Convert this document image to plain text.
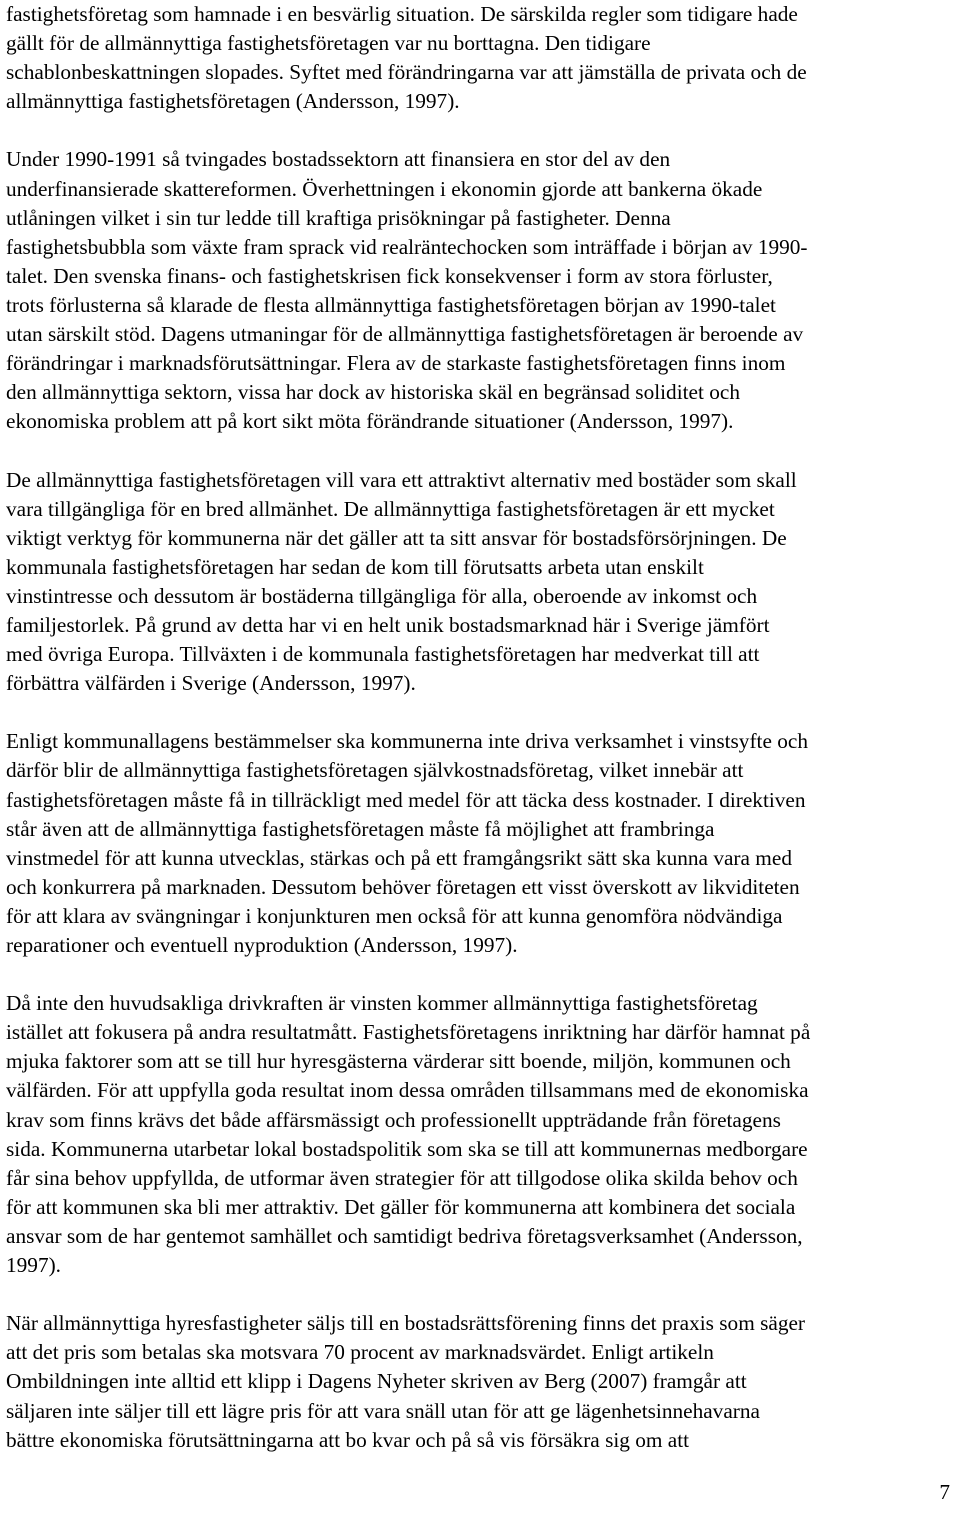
fastighetsföretag som hamnade i en besvärlig situation. De särskilda regler som tidigare hade
gällt för de allmännyttiga fastighetsföretagen var nu borttagna. Den tidigare
schablonbeskattningen slopades. Syftet med förändringarna var att jämställa de privata och de
allmännyttiga fastighetsföretagen (Andersson, 1997).
Under 1990-1991 så tvingades bostadssektorn att finansiera en stor del av den
underfinansierade skattereformen. Överhettningen i ekonomin gjorde att bankerna ökade
utlåningen vilket i sin tur ledde till kraftiga prisökningar på fastigheter. Denna
fastighetsbubbla som växte fram sprack vid realräntechocken som inträffade i början av 1990-
talet. Den svenska finans- och fastighetskrisen fick konsekvenser i form av stora förluster,
trots förlusterna så klarade de flesta allmännyttiga fastighetsföretagen början av 1990-talet
utan särskilt stöd. Dagens utmaningar för de allmännyttiga fastighetsföretagen är beroende av
förändringar i marknadsförutsättningar. Flera av de starkaste fastighetsföretagen finns inom
den allmännyttiga sektorn, vissa har dock av historiska skäl en begränsad soliditet och
ekonomiska problem att på kort sikt möta förändrande situationer (Andersson, 1997).
De allmännyttiga fastighetsföretagen vill vara ett attraktivt alternativ med bostäder som skall
vara tillgängliga för en bred allmänhet. De allmännyttiga fastighetsföretagen är ett mycket
viktigt verktyg för kommunerna när det gäller att ta sitt ansvar för bostadsförsörjningen. De
kommunala fastighetsföretagen har sedan de kom till förutsatts arbeta utan enskilt
vinstintresse och dessutom är bostäderna tillgängliga för alla, oberoende av inkomst och
familjestorlek. På grund av detta har vi en helt unik bostadsmarknad här i Sverige jämfört
med övriga Europa. Tillväxten i de kommunala fastighetsföretagen har medverkat till att
förbättra välfärden i Sverige (Andersson, 1997).
Enligt kommunallagens bestämmelser ska kommunerna inte driva verksamhet i vinstsyfte och
därför blir de allmännyttiga fastighetsföretagen självkostnadsföretag, vilket innebär att
fastighetsföretagen måste få in tillräckligt med medel för att täcka dess kostnader. I direktiven
står även att de allmännyttiga fastighetsföretagen måste få möjlighet att frambringa
vinstmedel för att kunna utvecklas, stärkas och på ett framgångsrikt sätt ska kunna vara med
och konkurrera på marknaden. Dessutom behöver företagen ett visst överskott av likviditeten
för att klara av svängningar i konjunkturen men också för att kunna genomföra nödvändiga
reparationer och eventuell nyproduktion (Andersson, 1997).
Då inte den huvudsakliga drivkraften är vinsten kommer allmännyttiga fastighetsföretag
istället att fokusera på andra resultatmått. Fastighetsföretagens inriktning har därför hamnat på
mjuka faktorer som att se till hur hyresgästerna värderar sitt boende, miljön, kommunen och
välfärden. För att uppfylla goda resultat inom dessa områden tillsammans med de ekonomiska
krav som finns krävs det både affärsmässigt och professionellt uppträdande från företagens
sida. Kommunerna utarbetar lokal bostadspolitik som ska se till att kommunernas medborgare
får sina behov uppfyllda, de utformar även strategier för att tillgodose olika skilda behov och
för att kommunen ska bli mer attraktiv. Det gäller för kommunerna att kombinera det sociala
ansvar som de har gentemot samhället och samtidigt bedriva företagsverksamhet (Andersson,
1997).
När allmännyttiga hyresfastigheter säljs till en bostadsrättsförening finns det praxis som säger
att det pris som betalas ska motsvara 70 procent av marknadsvärdet. Enligt artikeln
Ombildningen inte alltid ett klipp i Dagens Nyheter skriven av Berg (2007) framgår att
säljaren inte säljer till ett lägre pris för att vara snäll utan för att ge lägenhetsinnehavarna
bättre ekonomiska förutsättningarna att bo kvar och på så vis försäkra sig om att
7
